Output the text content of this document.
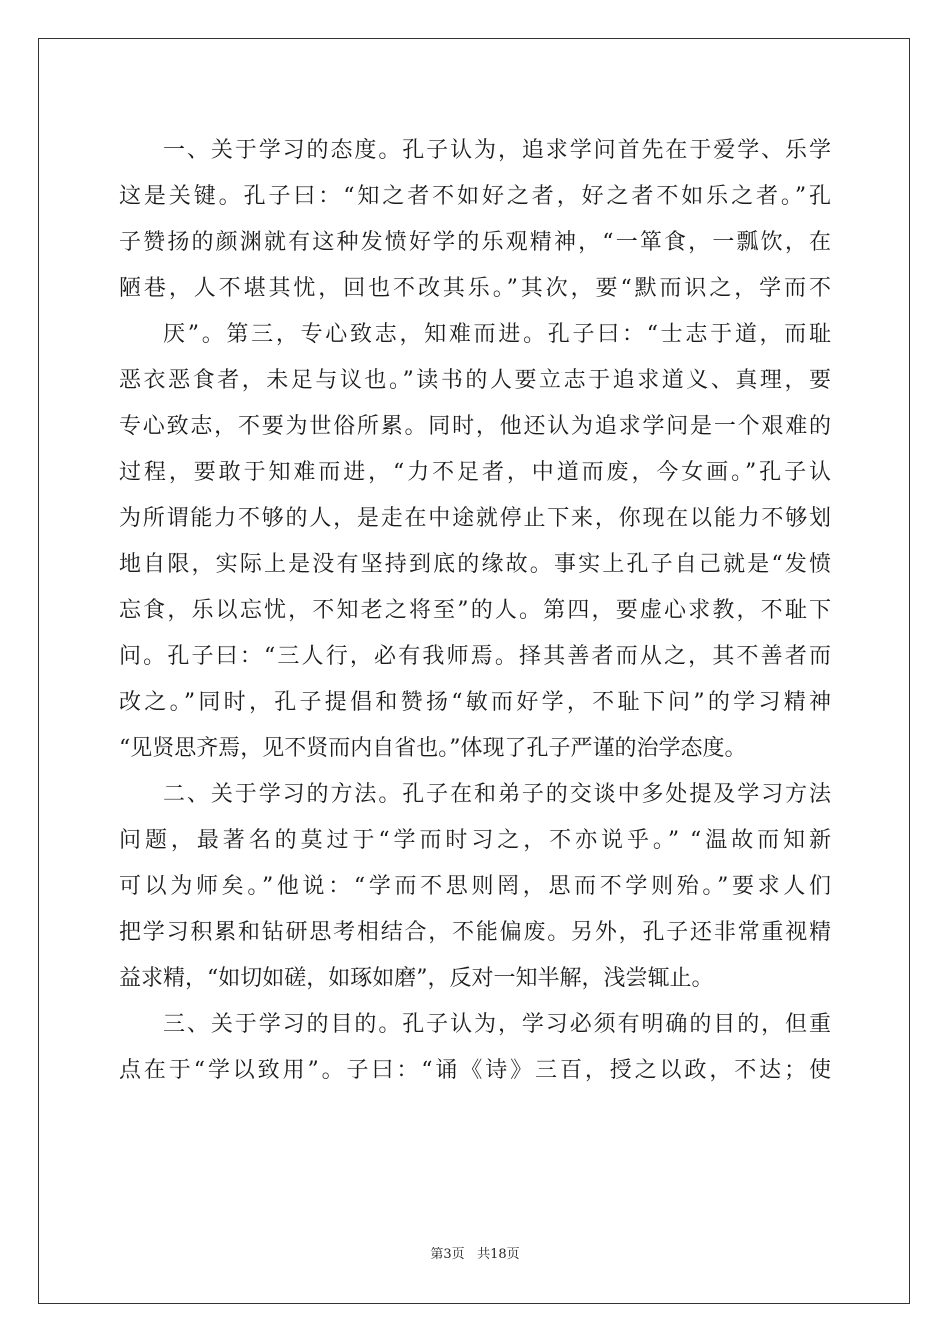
一、关于学习的态度。孔子认为，追求学问首先在于爱学、乐学
这是关键。孔子曰：“知之者不如好之者，好之者不如乐之者。”孔
子赞扬的颜渊就有这种发愤好学的乐观精神，“一箪食，一瓢饮，在
陋巷，人不堪其忧，回也不改其乐。”其次，要“默而识之，学而不
厌”。第三，专心致志，知难而进。孔子曰：“士志于道，而耻
恶衣恶食者，未足与议也。”读书的人要立志于追求道义、真理，要
专心致志，不要为世俗所累。同时，他还认为追求学问是一个艰难的
过程，要敢于知难而进，“力不足者，中道而废，今女画。”孔子认
为所谓能力不够的人，是走在中途就停止下来，你现在以能力不够划
地自限，实际上是没有坚持到底的缘故。事实上孔子自己就是“发愤
忘食，乐以忘忧，不知老之将至”的人。第四，要虚心求教，不耻下
问。孔子曰：“三人行，必有我师焉。择其善者而从之，其不善者而
改之。”同时，孔子提倡和赞扬“敏而好学，不耻下问”的学习精神
“见贤思齐焉，见不贤而内自省也。”体现了孔子严谨的治学态度。
二、关于学习的方法。孔子在和弟子的交谈中多处提及学习方法
问题，最著名的莫过于“学而时习之，不亦说乎。” “温故而知新
可以为师矣。”他说：“学而不思则罔，思而不学则殆。”要求人们
把学习积累和钻研思考相结合，不能偏废。另外，孔子还非常重视精
益求精，“如切如磋，如琢如磨”，反对一知半解，浅尝辄止。
三、关于学习的目的。孔子认为，学习必须有明确的目的，但重
点在于“学以致用”。子曰：“诵《诗》三百，授之以政，不达；使
第3页 共18页
